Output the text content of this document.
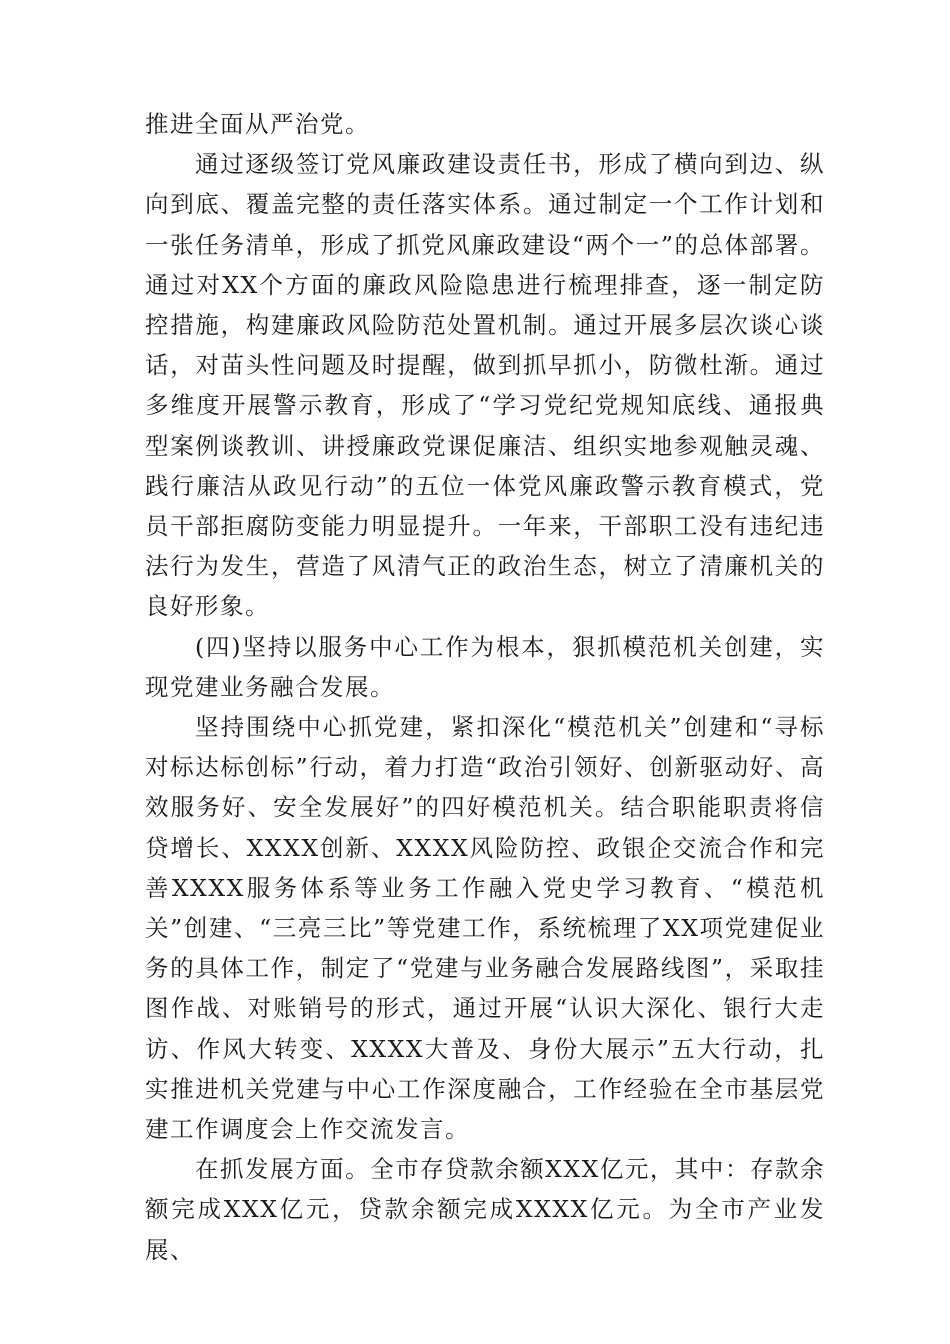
推进全面从严治党。

通过逐级签订党风廉政建设责任书，形成了横向到边、纵向到底、覆盖完整的责任落实体系。通过制定一个工作计划和一张任务清单，形成了抓党风廉政建设“两个一”的总体部署。通过对XX个方面的廉政风险隐患进行梳理排查，逐一制定防控措施，构建廉政风险防范处置机制。通过开展多层次谈心谈话，对苗头性问题及时提醒，做到抓早抓小，防微杜渐。通过多维度开展警示教育，形成了“学习党纪党规知底线、通报典型案例谈教训、讲授廉政党课促廉洁、组织实地参观触灵魂、践行廉洁从政见行动”的五位一体党风廉政警示教育模式，党员干部拒腐防变能力明显提升。一年来，干部职工没有违纪违法行为发生，营造了风清气正的政治生态，树立了清廉机关的良好形象。

(四)坚持以服务中心工作为根本，狠抓模范机关创建，实现党建业务融合发展。

坚持围绕中心抓党建，紧扣深化“模范机关”创建和“寻标对标达标创标”行动，着力打造“政治引领好、创新驱动好、高效服务好、安全发展好”的四好模范机关。结合职能职责将信贷增长、XXXX创新、XXXX风险防控、政银企交流合作和完善XXXX服务体系等业务工作融入党史学习教育、“模范机关”创建、“三亮三比”等党建工作，系统梳理了XX项党建促业务的具体工作，制定了“党建与业务融合发展路线图”，采取挂图作战、对账销号的形式，通过开展“认识大深化、银行大走访、作风大转变、XXXX大普及、身份大展示”五大行动，扎实推进机关党建与中心工作深度融合，工作经验在全市基层党建工作调度会上作交流发言。

在抓发展方面。全市存贷款余额XXX亿元，其中：存款余额完成XXX亿元，贷款余额完成XXXX亿元。为全市产业发展、
